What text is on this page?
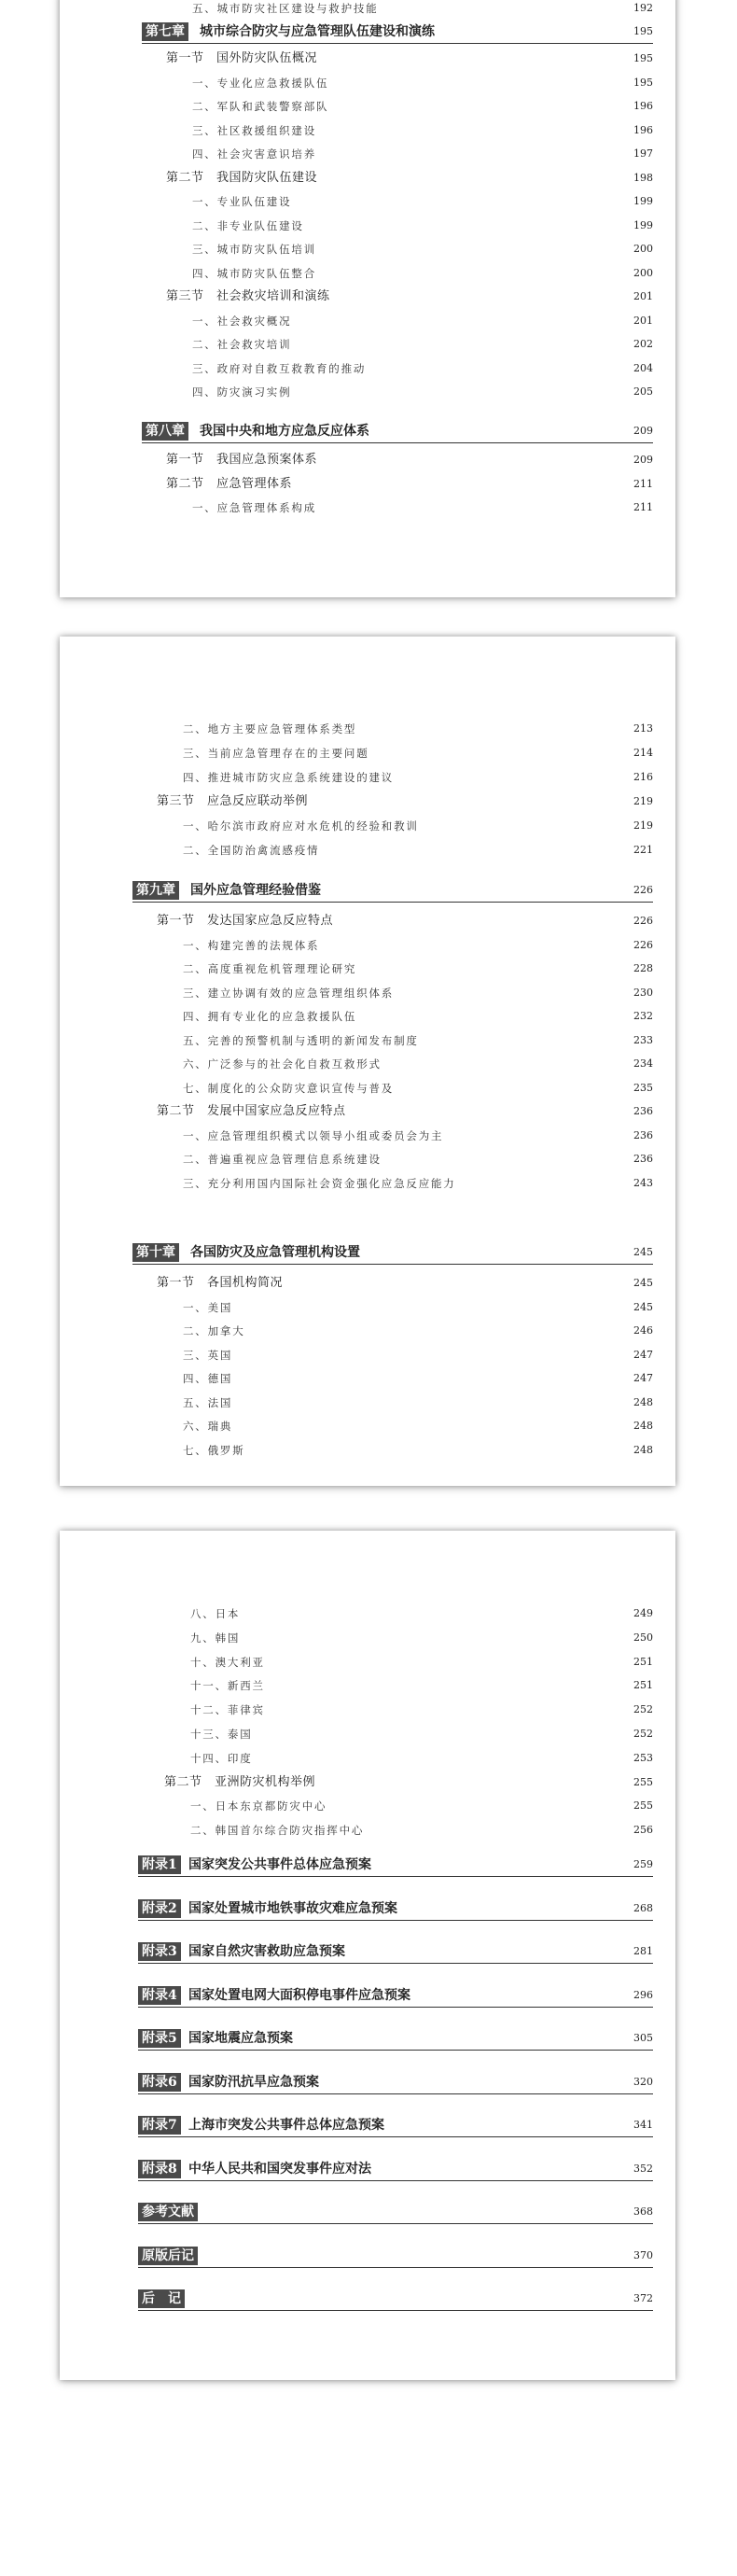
五、城市防灾社区建设与救护技能	192
第七章 城市综合防灾与应急管理队伍建设和演练	195
第一节　国外防灾队伍概况	195
一、专业化应急救援队伍	195
二、军队和武装警察部队	196
三、社区救援组织建设	196
四、社会灾害意识培养	197
第二节　我国防灾队伍建设	198
一、专业队伍建设	199
二、非专业队伍建设	199
三、城市防灾队伍培训	200
四、城市防灾队伍整合	200
第三节　社会救灾培训和演练	201
一、社会救灾概况	201
二、社会救灾培训	202
三、政府对自救互救教育的推动	204
四、防灾演习实例	205
第八章 我国中央和地方应急反应体系	209
第一节　我国应急预案体系	209
第二节　应急管理体系	211
一、应急管理体系构成	211
二、地方主要应急管理体系类型	213
三、当前应急管理存在的主要问题	214
四、推进城市防灾应急系统建设的建议	216
第三节　应急反应联动举例	219
一、哈尔滨市政府应对水危机的经验和教训	219
二、全国防治禽流感疫情	221
第九章 国外应急管理经验借鉴	226
第一节　发达国家应急反应特点	226
一、构建完善的法规体系	226
二、高度重视危机管理理论研究	228
三、建立协调有效的应急管理组织体系	230
四、拥有专业化的应急救援队伍	232
五、完善的预警机制与透明的新闻发布制度	233
六、广泛参与的社会化自救互救形式	234
七、制度化的公众防灾意识宣传与普及	235
第二节　发展中国家应急反应特点	236
一、应急管理组织模式以领导小组或委员会为主	236
二、普遍重视应急管理信息系统建设	236
三、充分利用国内国际社会资金强化应急反应能力	243
第十章 各国防灾及应急管理机构设置	245
第一节　各国机构简况	245
一、美国	245
二、加拿大	246
三、英国	247
四、德国	247
五、法国	248
六、瑞典	248
七、俄罗斯	248
八、日本	249
九、韩国	250
十、澳大利亚	251
十一、新西兰	251
十二、菲律宾	252
十三、泰国	252
十四、印度	253
第二节　亚洲防灾机构举例	255
一、日本东京都防灾中心	255
二、韩国首尔综合防灾指挥中心	256
附录1 国家突发公共事件总体应急预案	259
附录2 国家处置城市地铁事故灾难应急预案	268
附录3 国家自然灾害救助应急预案	281
附录4 国家处置电网大面积停电事件应急预案	296
附录5 国家地震应急预案	305
附录6 国家防汛抗旱应急预案	320
附录7 上海市突发公共事件总体应急预案	341
附录8 中华人民共和国突发事件应对法	352
参考文献	368
原版后记	370
后　记	372
